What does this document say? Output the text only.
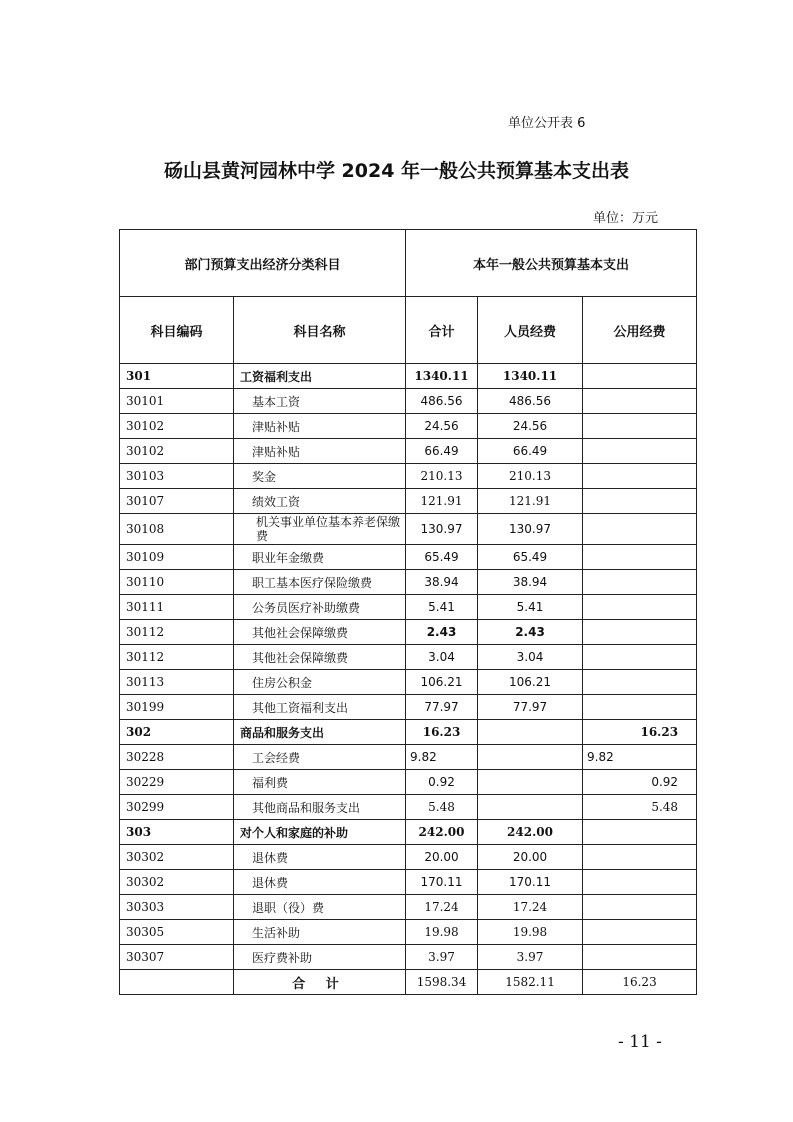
单位公开表 6
砀山县黄河园林中学 2024 年一般公共预算基本支出表
单位：万元
部门预算支出经济分类科目		本年一般公共预算基本支出		
科目编码	科目名称	合计	人员经费	公用经费
301	工资福利支出	1340.11	1340.11	
30101	基本工资	486.56	486.56	
30102	津贴补贴	24.56	24.56	
30102	津贴补贴	66.49	66.49	
30103	奖金	210.13	210.13	
30107	绩效工资	121.91	121.91	
30108	机关事业单位基本养老保缴费	130.97	130.97	
30109	职业年金缴费	65.49	65.49	
30110	职工基本医疗保险缴费	38.94	38.94	
30111	公务员医疗补助缴费	5.41	5.41	
30112	其他社会保障缴费	2.43	2.43	
30112	其他社会保障缴费	3.04	3.04	
30113	住房公积金	106.21	106.21	
30199	其他工资福利支出	77.97	77.97	
302	商品和服务支出	16.23		16.23
30228	工会经费	9.82		9.82
30229	福利费	0.92		0.92
30299	其他商品和服务支出	5.48		5.48
303	对个人和家庭的补助	242.00	242.00	
30302	退休费	20.00	20.00	
30302	退休费	170.11	170.11	
30303	退职（役）费	17.24	17.24	
30305	生活补助	19.98	19.98	
30307	医疗费补助	3.97	3.97	
	合 计	1598.34	1582.11	16.23
- 11 -
